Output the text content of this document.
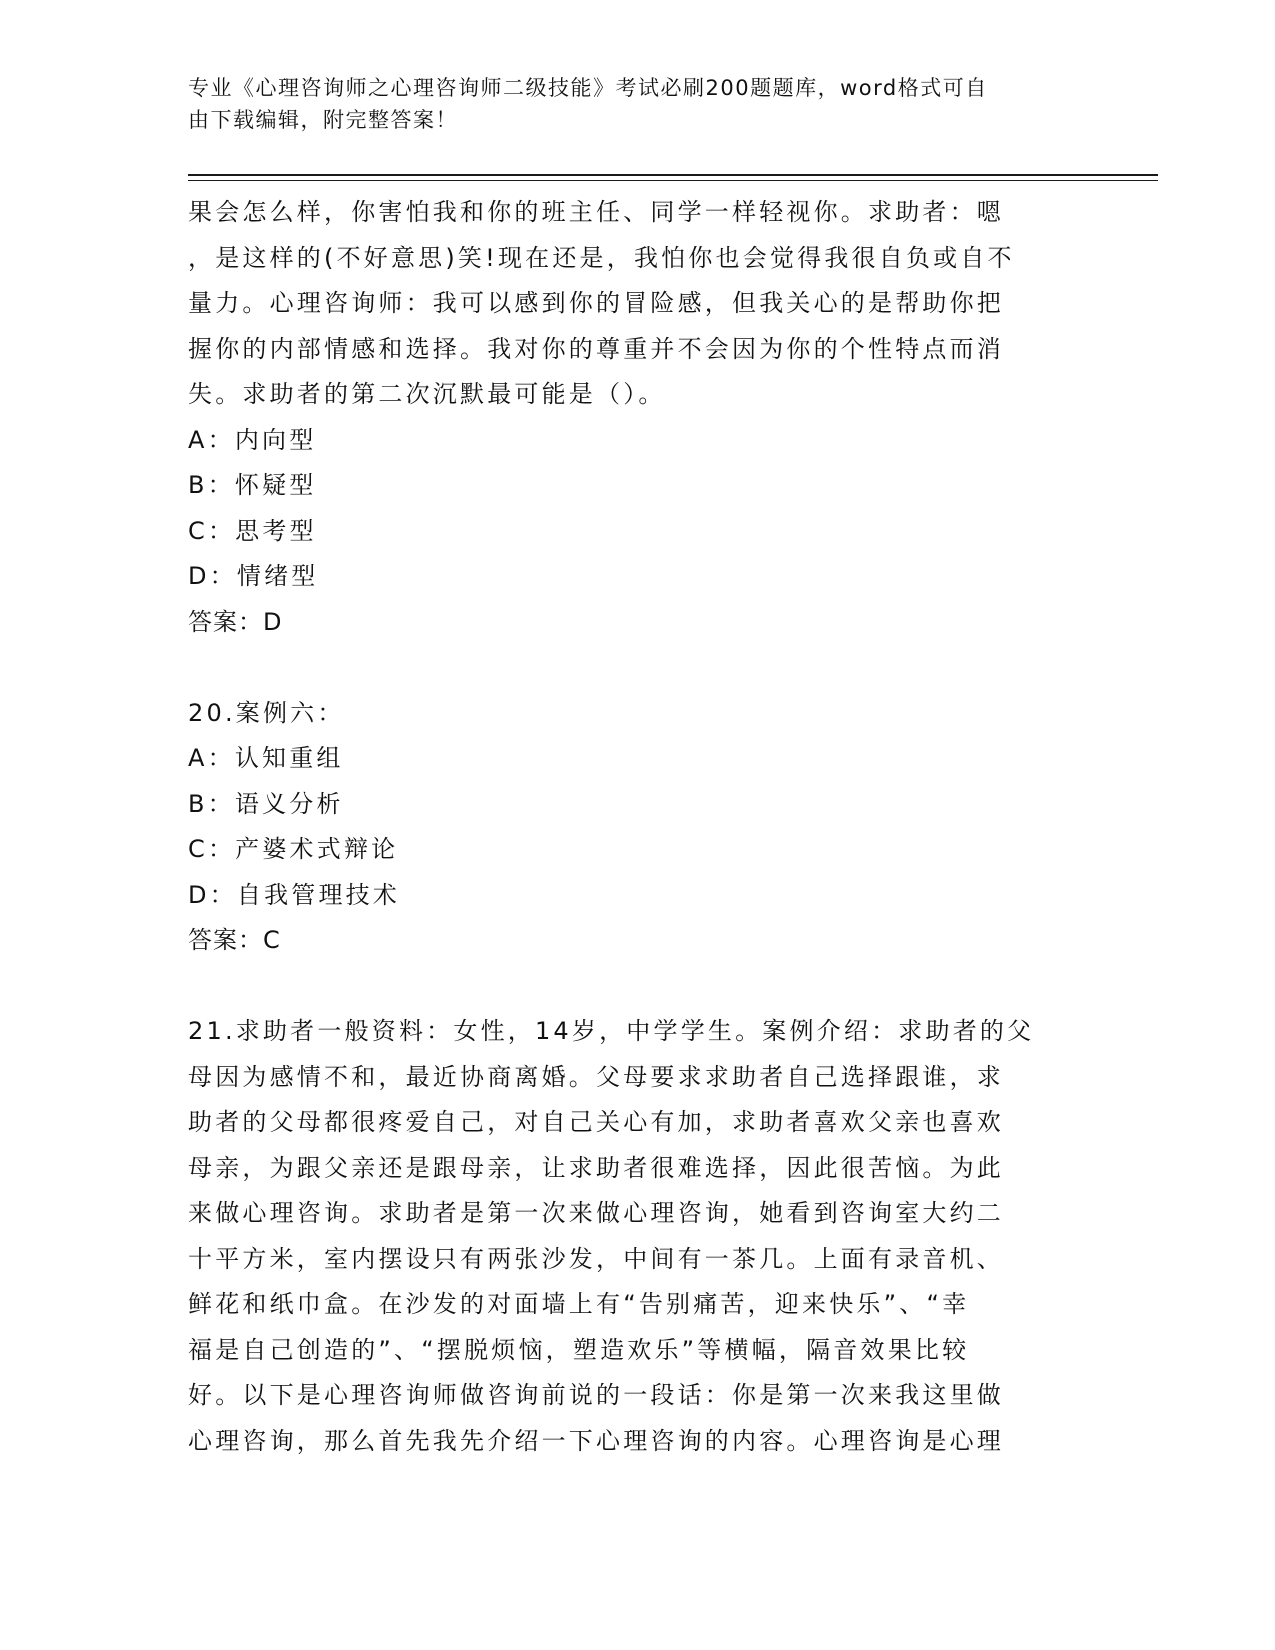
专业《心理咨询师之心理咨询师二级技能》考试必刷200题题库，word格式可自
由下载编辑，附完整答案！
果会怎么样，你害怕我和你的班主任、同学一样轻视你。求助者：嗯
，是这样的(不好意思)笑!现在还是，我怕你也会觉得我很自负或自不
量力。心理咨询师：我可以感到你的冒险感，但我关心的是帮助你把
握你的内部情感和选择。我对你的尊重并不会因为你的个性特点而消
失。求助者的第二次沉默最可能是（）。
A：内向型
B：怀疑型
C：思考型
D：情绪型
答案：D
20.案例六：
A：认知重组
B：语义分析
C：产婆术式辩论
D：自我管理技术
答案：C
21.求助者一般资料：女性，14岁，中学学生。案例介绍：求助者的父
母因为感情不和，最近协商离婚。父母要求求助者自己选择跟谁，求
助者的父母都很疼爱自己，对自己关心有加，求助者喜欢父亲也喜欢
母亲，为跟父亲还是跟母亲，让求助者很难选择，因此很苦恼。为此
来做心理咨询。求助者是第一次来做心理咨询，她看到咨询室大约二
十平方米，室内摆设只有两张沙发，中间有一茶几。上面有录音机、
鲜花和纸巾盒。在沙发的对面墙上有“告别痛苦，迎来快乐”、“幸
福是自己创造的”、“摆脱烦恼，塑造欢乐”等横幅，隔音效果比较
好。以下是心理咨询师做咨询前说的一段话：你是第一次来我这里做
心理咨询，那么首先我先介绍一下心理咨询的内容。心理咨询是心理
